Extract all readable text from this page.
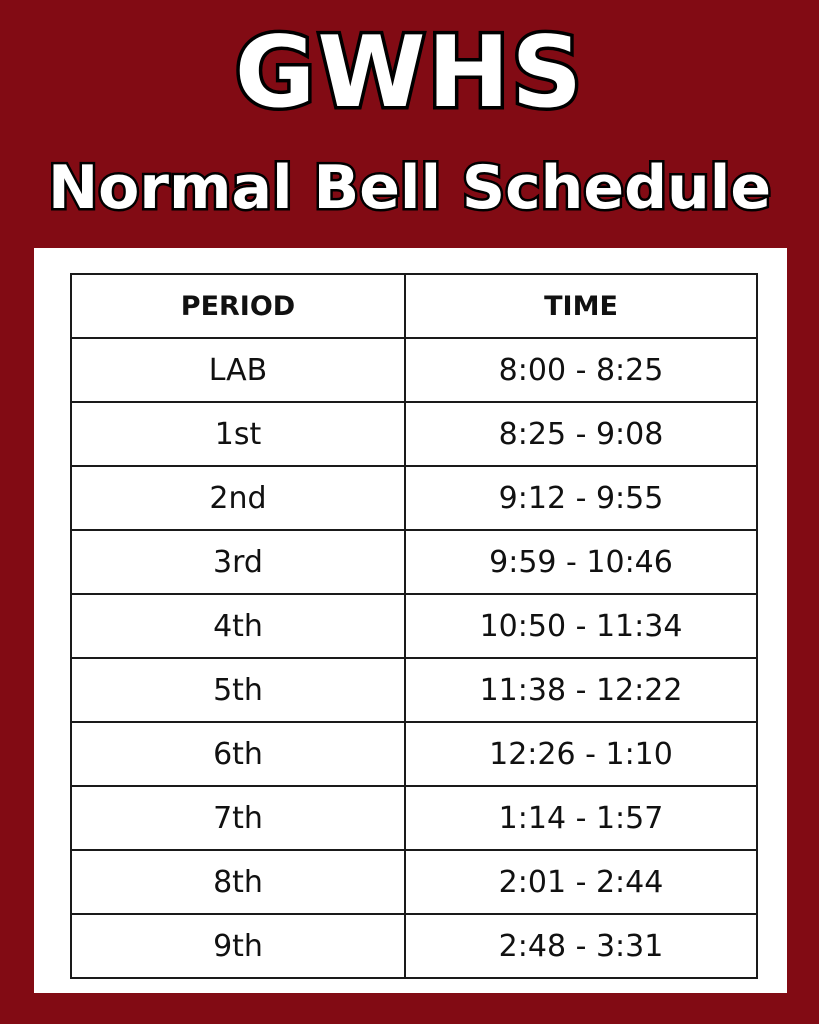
GWHS
Normal Bell Schedule
PERIOD	TIME
LAB	8:00 - 8:25
1st	8:25 - 9:08
2nd	9:12 - 9:55
3rd	9:59 - 10:46
4th	10:50 - 11:34
5th	11:38 - 12:22
6th	12:26 - 1:10
7th	1:14 - 1:57
8th	2:01 - 2:44
9th	2:48 - 3:31
